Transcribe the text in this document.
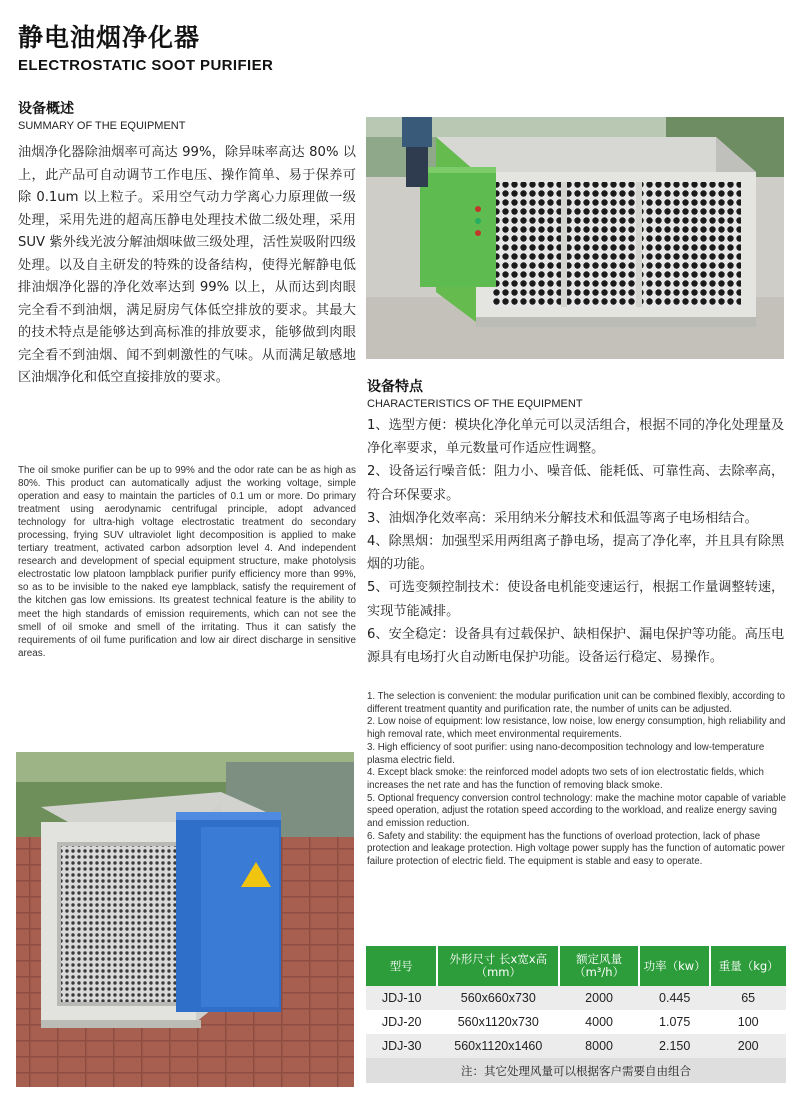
静电油烟净化器
ELECTROSTATIC SOOT PURIFIER
设备概述
SUMMARY OF THE EQUIPMENT
油烟净化器除油烟率可高达 99%，除异味率高达 80% 以上，此产品可自动调节工作电压、操作简单、易于保养可除 0.1um 以上粒子。采用空气动力学离心力原理做一级处理，采用先进的超高压静电处理技术做二级处理，采用 SUV 紫外线光波分解油烟味做三级处理，活性炭吸附四级处理。以及自主研发的特殊的设备结构，使得光解静电低排油烟净化器的净化效率达到 99% 以上，从而达到肉眼完全看不到油烟，满足厨房气体低空排放的要求。其最大的技术特点是能够达到高标准的排放要求，能够做到肉眼完全看不到油烟、闻不到刺激性的气味。从而满足敏感地区油烟净化和低空直接排放的要求。
The oil smoke purifier can be up to 99% and the odor rate can be as high as 80%. This product can automatically adjust the working voltage, simple operation and easy to maintain the particles of 0.1 um or more. Do primary treatment using aerodynamic centrifugal principle, adopt advanced technology for ultra-high voltage electrostatic treatment do secondary processing, frying SUV ultraviolet light decomposition is applied to make tertiary treatment, activated carbon adsorption level 4. And independent research and development of special equipment structure, make photolysis electrostatic low platoon lampblack purifier purify efficiency more than 99%, so as to be invisible to the naked eye lampblack, satisfy the requirement of the kitchen gas low emissions. Its greatest technical feature is the ability to meet the high standards of emission requirements, which can not see the smell of oil smoke and smell of the irritating. Thus it can satisfy the requirements of oil fume purification and low air direct discharge in sensitive areas.
设备特点
CHARACTERISTICS OF THE EQUIPMENT

1、选型方便：模块化净化单元可以灵活组合，根据不同的净化处理量及净化率要求，单元数量可作适应性调整。

2、设备运行噪音低：阻力小、噪音低、能耗低、可靠性高、去除率高，符合环保要求。

3、油烟净化效率高：采用纳米分解技术和低温等离子电场相结合。

4、除黑烟：加强型采用两组离子静电场，提高了净化率，并且具有除黑烟的功能。

5、可选变频控制技术：使设备电机能变速运行，根据工作量调整转速，实现节能减排。

6、安全稳定：设备具有过载保护、缺相保护、漏电保护等功能。高压电源具有电场打火自动断电保护功能。设备运行稳定、易操作。

1. The selection is convenient: the modular purification unit can be combined flexibly, according to different treatment quantity and purification rate, the number of units can be adjusted.

2. Low noise of equipment: low resistance, low noise, low energy consumption, high reliability and high removal rate, which meet environmental requirements.

3. High efficiency of soot purifier: using nano-decomposition technology and low-temperature plasma electric field.

4. Except black smoke: the reinforced model adopts two sets of ion electrostatic fields, which increases the net rate and has the function of removing black smoke.

5. Optional frequency conversion control technology: make the machine motor capable of variable speed operation, adjust the rotation speed according to the workload, and realize energy saving and emission reduction.

6. Safety and stability: the equipment has the functions of overload protection, lack of phase protection and leakage protection. High voltage power supply has the function of automatic power failure protection of electric field. The equipment is stable and easy to operate.

型号	外形尺寸 长x宽x高（mm）	额定风量（m³/h）	功率（kw）	重量（kg）
JDJ-10	560x660x730	2000	0.445	65
JDJ-20	560x1120x730	4000	1.075	100
JDJ-30	560x1120x1460	8000	2.150	200
注：其它处理风量可以根据客户需要自由组合				
